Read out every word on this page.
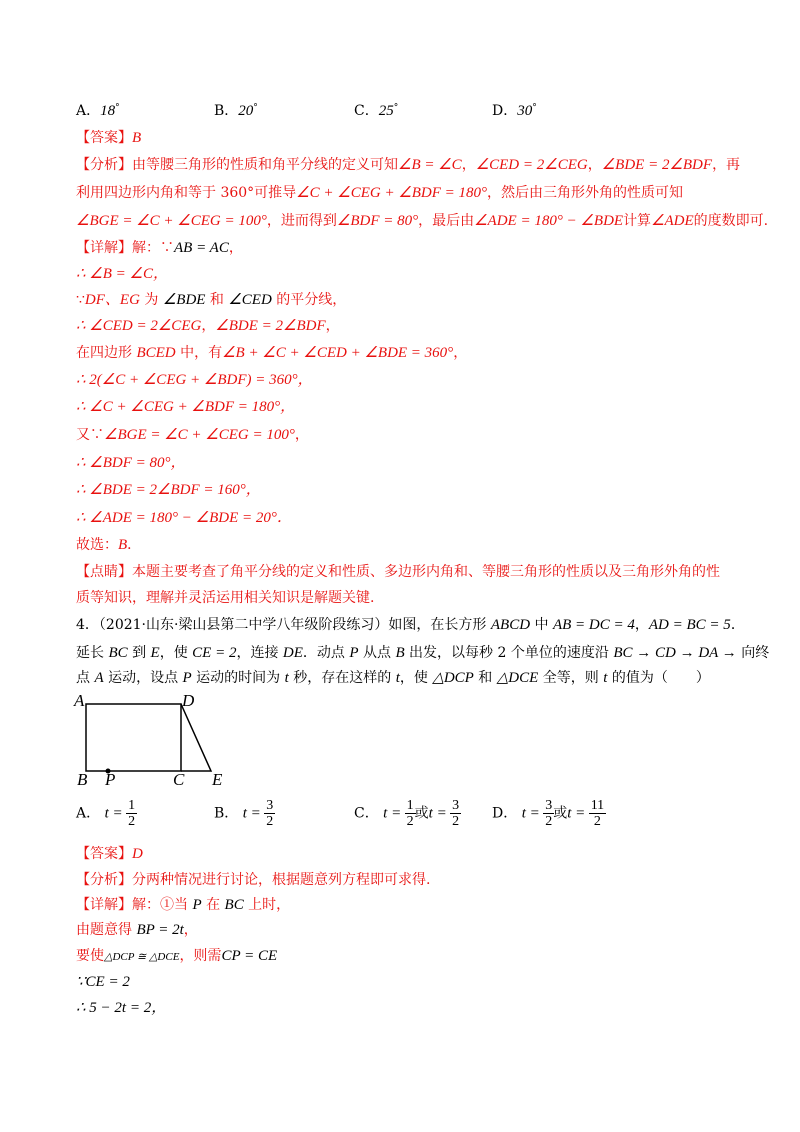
A．18°	B．20°	C．25°	D．30°
【答案】B
【分析】由等腰三角形的性质和角平分线的定义可知∠B = ∠C，∠CED = 2∠CEG，∠BDE = 2∠BDF，再
利用四边形内角和等于 360°可推导∠C + ∠CEG + ∠BDF = 180°，然后由三角形外角的性质可知
∠BGE = ∠C + ∠CEG = 100°，进而得到∠BDF = 80°，最后由∠ADE = 180° − ∠BDE计算∠ADE的度数即可.
【详解】解：∵AB = AC，
∴ ∠B = ∠C，
∵DF、EG 为 ∠BDE 和 ∠CED 的平分线，
∴ ∠CED = 2∠CEG，∠BDE = 2∠BDF，
在四边形 BCED 中，有∠B + ∠C + ∠CED + ∠BDE = 360°，
∴ 2(∠C + ∠CEG + ∠BDF) = 360°，
∴ ∠C + ∠CEG + ∠BDF = 180°，
又∵∠BGE = ∠C + ∠CEG = 100°，
∴ ∠BDF = 80°，
∴ ∠BDE = 2∠BDF = 160°，
∴ ∠ADE = 180° − ∠BDE = 20°．
故选：B．
【点睛】本题主要考查了角平分线的定义和性质、多边形内角和、等腰三角形的性质以及三角形外角的性
质等知识，理解并灵活运用相关知识是解题关键.
4．（2021·山东·梁山县第二中学八年级阶段练习）如图，在长方形 ABCD 中 AB = DC = 4，AD = BC = 5．
延长 BC 到 E，使 CE = 2，连接 DE．动点 P 从点 B 出发，以每秒 2 个单位的速度沿 BC → CD → DA → 向终
点 A 运动，设点 P 运动的时间为 t 秒，存在这样的 t，使 △DCP 和 △DCE 全等，则 t 的值为（　　）
A	D
B P	C E
A． $t = \frac{1}{2}$	B． $t = \frac{3}{2}$	C． $t = \frac{1}{2}$ 或$t = \frac{3}{2}$ D． $t = \frac{3}{2}$ 或$t = \frac{11}{2}$
【答案】D
【分析】分两种情况进行讨论，根据题意列方程即可求得.
【详解】解：①当 P 在 BC 上时，
由题意得 BP = 2t，
要使△DCP ≅ △DCE，则需CP = CE
∵CE = 2
∴ 5 − 2t = 2，
